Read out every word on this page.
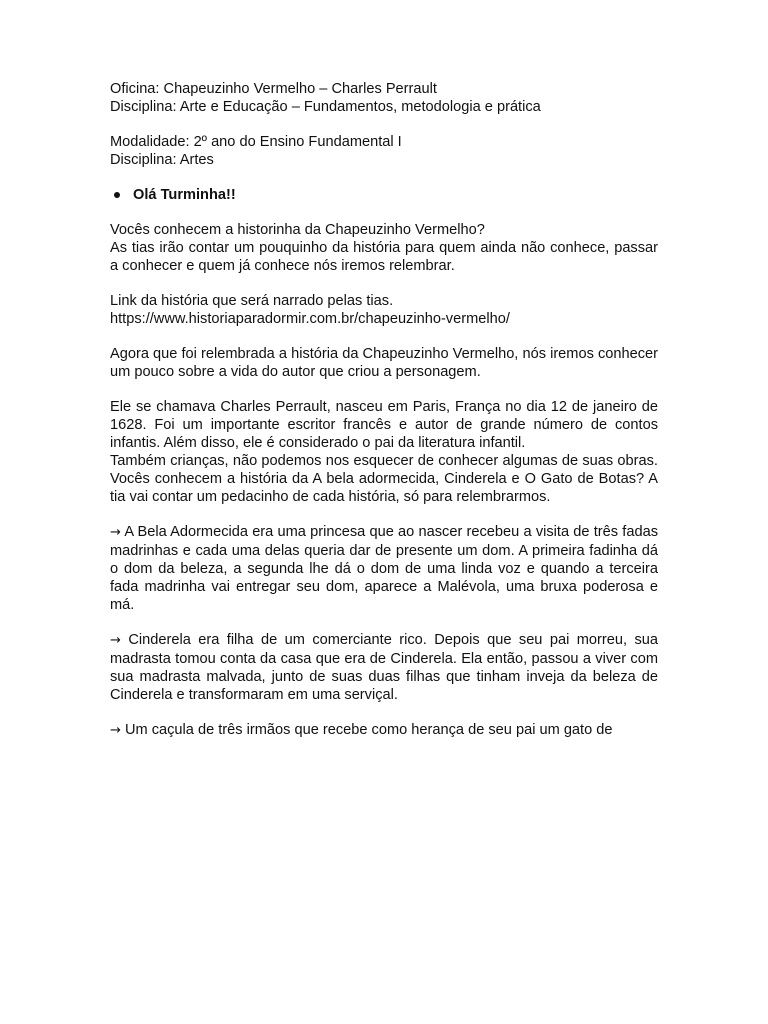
Oficina: Chapeuzinho Vermelho – Charles Perrault
Disciplina: Arte e Educação – Fundamentos, metodologia e prática
Modalidade: 2º ano do Ensino Fundamental I
Disciplina: Artes
Olá Turminha!!
Vocês conhecem a historinha da Chapeuzinho Vermelho?

As tias irão contar um pouquinho da história para quem ainda não conhece, passar a conhecer e quem já conhece nós iremos relembrar.

Link da história que será narrado pelas tias.
https://www.historiaparadormir.com.br/chapeuzinho-vermelho/

Agora que foi relembrada a história da Chapeuzinho Vermelho, nós iremos conhecer um pouco sobre a vida do autor que criou a personagem.

Ele se chamava Charles Perrault, nasceu em Paris, França no dia 12 de janeiro de 1628. Foi um importante escritor francês e autor de grande número de contos infantis. Além disso, ele é considerado o pai da literatura infantil.

Também crianças, não podemos nos esquecer de conhecer algumas de suas obras. Vocês conhecem a história da A bela adormecida, Cinderela e O Gato de Botas? A tia vai contar um pedacinho de cada história, só para relembrarmos.

→ A Bela Adormecida era uma princesa que ao nascer recebeu a visita de três fadas madrinhas e cada uma delas queria dar de presente um dom. A primeira fadinha dá o dom da beleza, a segunda lhe dá o dom de uma linda voz e quando a terceira fada madrinha vai entregar seu dom, aparece a Malévola, uma bruxa poderosa e má.

→ Cinderela era filha de um comerciante rico. Depois que seu pai morreu, sua madrasta tomou conta da casa que era de Cinderela. Ela então, passou a viver com sua madrasta malvada, junto de suas duas filhas que tinham inveja da beleza de Cinderela e transformaram em uma serviçal.

→ Um caçula de três irmãos que recebe como herança de seu pai um gato de
